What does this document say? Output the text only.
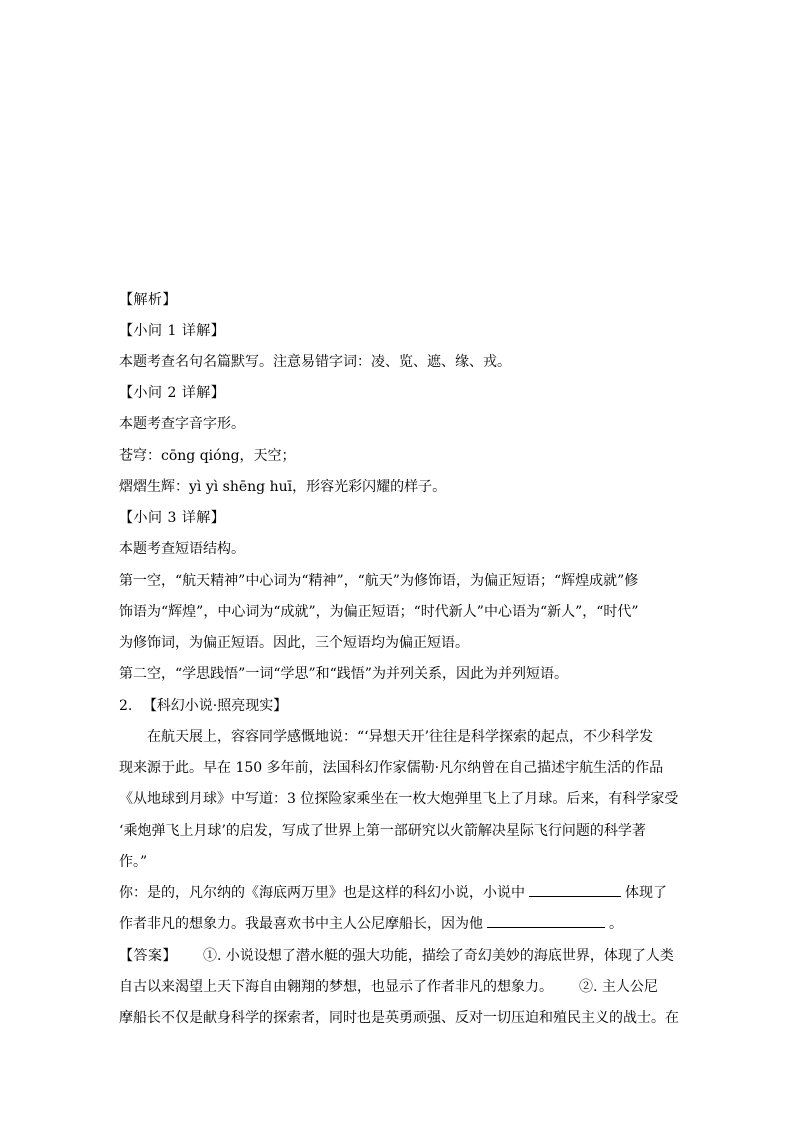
【解析】
【小问 1 详解】
本题考查名句名篇默写。注意易错字词：凌、览、遮、缘、戎。
【小问 2 详解】
本题考查字音字形。
苍穹：cōng qióng，天空；
熠熠生辉：yì yì shēng huī，形容光彩闪耀的样子。
【小问 3 详解】
本题考查短语结构。
第一空，“航天精神”中心词为“精神”，“航天”为修饰语，为偏正短语；“辉煌成就”修
饰语为“辉煌”，中心词为“成就”，为偏正短语；“时代新人”中心语为“新人”，“时代”
为修饰词，为偏正短语。因此，三个短语均为偏正短语。
第二空，“学思践悟”一词“学思”和“践悟”为并列关系，因此为并列短语。
2. 【科幻小说·照亮现实】
在航天展上，容容同学感慨地说：“‘异想天开’往往是科学探索的起点，不少科学发
现来源于此。早在 150 多年前，法国科幻作家儒勒·凡尔纳曾在自己描述宇航生活的作品
《从地球到月球》中写道：3 位探险家乘坐在一枚大炮弹里飞上了月球。后来，有科学家受
‘乘炮弹飞上月球’的启发，写成了世界上第一部研究以火箭解决星际飞行问题的科学著
作。”
你：是的，凡尔纳的《海底两万里》也是这样的科幻小说，小说中	体现了
作者非凡的想象力。我最喜欢书中主人公尼摩船长，因为他	。
【答案】 ①. 小说设想了潜水艇的强大功能，描绘了奇幻美妙的海底世界，体现了人类
自古以来渴望上天下海自由翱翔的梦想，也显示了作者非凡的想象力。 ②. 主人公尼
摩船长不仅是献身科学的探索者，同时也是英勇顽强、反对一切压迫和殖民主义的战士。在
